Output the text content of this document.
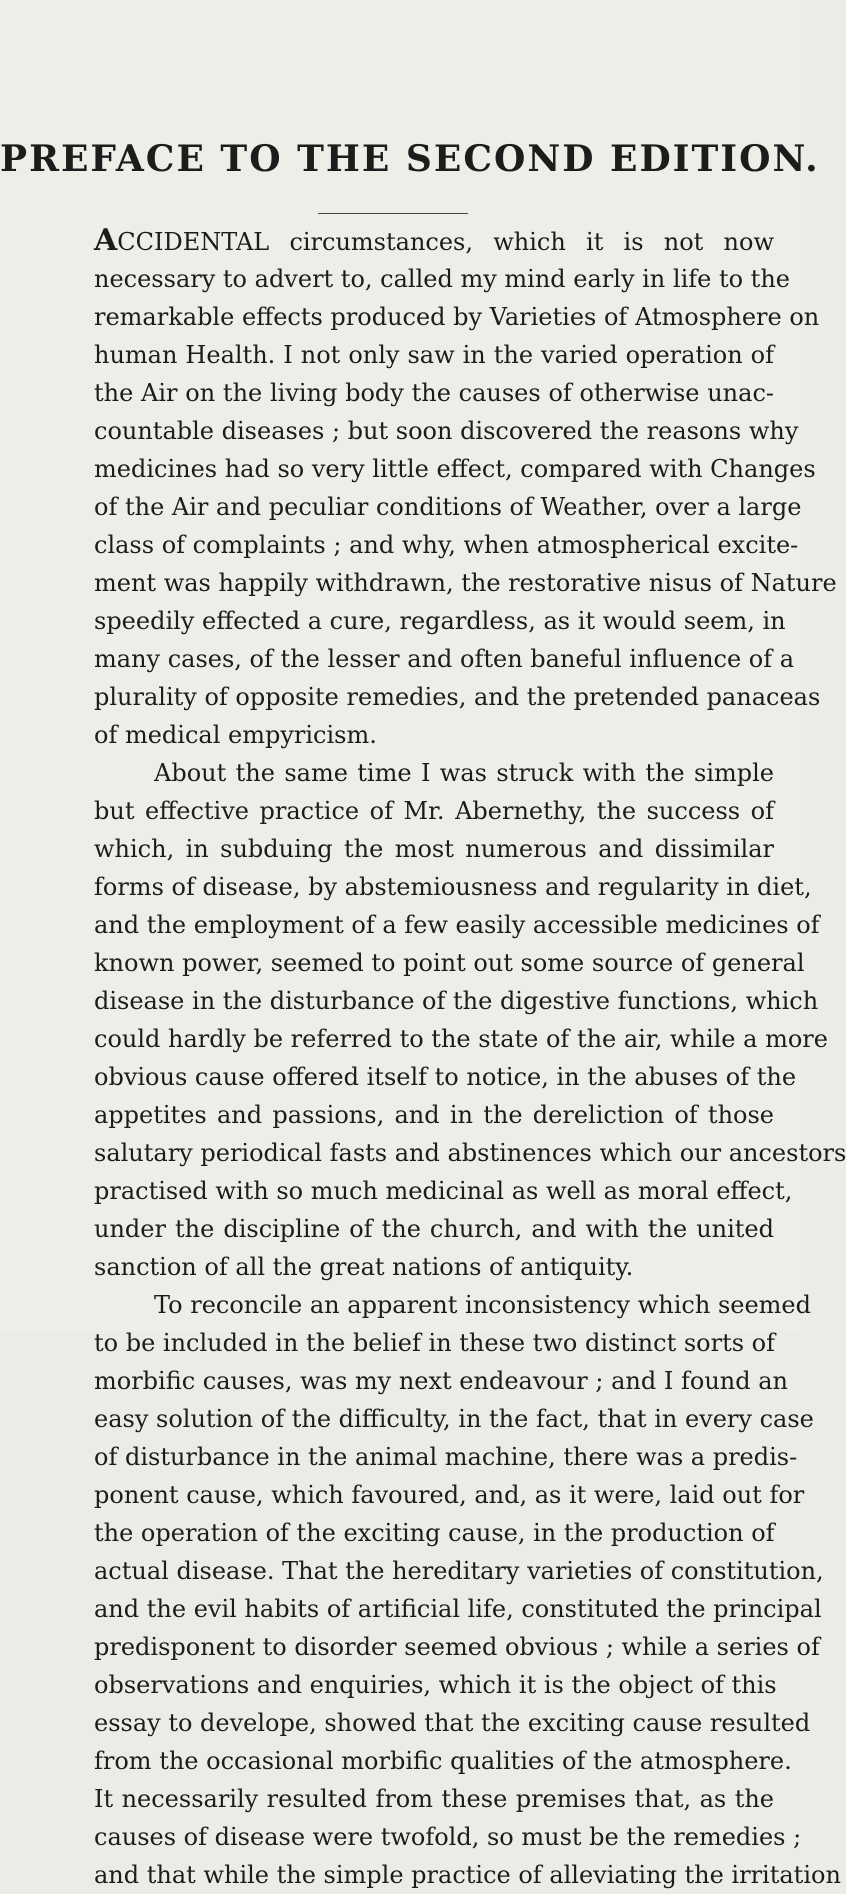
PREFACE TO THE SECOND EDITION.
ACCIDENTAL circumstances, which it is not now
necessary to advert to, called my mind early in life to the
remarkable effects produced by Varieties of Atmosphere on
human Health. I not only saw in the varied operation of
the Air on the living body the causes of otherwise unac-
countable diseases ; but soon discovered the reasons why
medicines had so very little effect, compared with Changes
of the Air and peculiar conditions of Weather, over a large
class of complaints ; and why, when atmospherical excite-
ment was happily withdrawn, the restorative nisus of Nature
speedily effected a cure, regardless, as it would seem, in
many cases, of the lesser and often baneful influence of a
plurality of opposite remedies, and the pretended panaceas
of medical empyricism.
About the same time I was struck with the simple
but effective practice of Mr. Abernethy, the success of
which, in subduing the most numerous and dissimilar
forms of disease, by abstemiousness and regularity in diet,
and the employment of a few easily accessible medicines of
known power, seemed to point out some source of general
disease in the disturbance of the digestive functions, which
could hardly be referred to the state of the air, while a more
obvious cause offered itself to notice, in the abuses of the
appetites and passions, and in the dereliction of those
salutary periodical fasts and abstinences which our ancestors
practised with so much medicinal as well as moral effect,
under the discipline of the church, and with the united
sanction of all the great nations of antiquity.
To reconcile an apparent inconsistency which seemed
to be included in the belief in these two distinct sorts of
morbific causes, was my next endeavour ; and I found an
easy solution of the difficulty, in the fact, that in every case
of disturbance in the animal machine, there was a predis-
ponent cause, which favoured, and, as it were, laid out for
the operation of the exciting cause, in the production of
actual disease. That the hereditary varieties of constitution,
and the evil habits of artificial life, constituted the principal
predisponent to disorder seemed obvious ; while a series of
observations and enquiries, which it is the object of this
essay to develope, showed that the exciting cause resulted
from the occasional morbific qualities of the atmosphere.
It necessarily resulted from these premises that, as the
causes of disease were twofold, so must be the remedies ;
and that while the simple practice of alleviating the irritation
